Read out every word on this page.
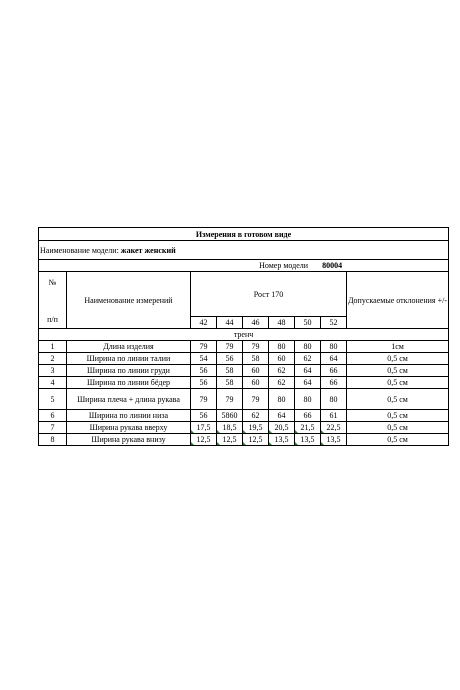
Измерения в готовом виде								
Наименование модели: жакет женский								
Номер модели 80004								

№
п/п	Наименование измерений	Рост 170						Допускаемые отклонения +/-
		42	44	46	48	50	52	
тренч								
1	Длина изделия	79	79	79	80	80	80	1см
2	Ширина по линии талии	54	56	58	60	62	64	0,5 см
3	Ширина по линии груди	56	58	60	62	64	66	0,5 см
4	Ширина по линии бёдер	56	58	60	62	64	66	0,5 см
5	Ширина плеча + длина рукава	79	79	79	80	80	80	0,5 см
6	Ширина по линии низа	56	5860	62	64	66	61	0,5 см
7	Ширина рукава вверху	17,5	18,5	19,5	20,5	21,5	22,5	0,5 см
8	Ширина рукава внизу	12,5	12,5	12,5	13,5	13,5	13,5	0,5 см
